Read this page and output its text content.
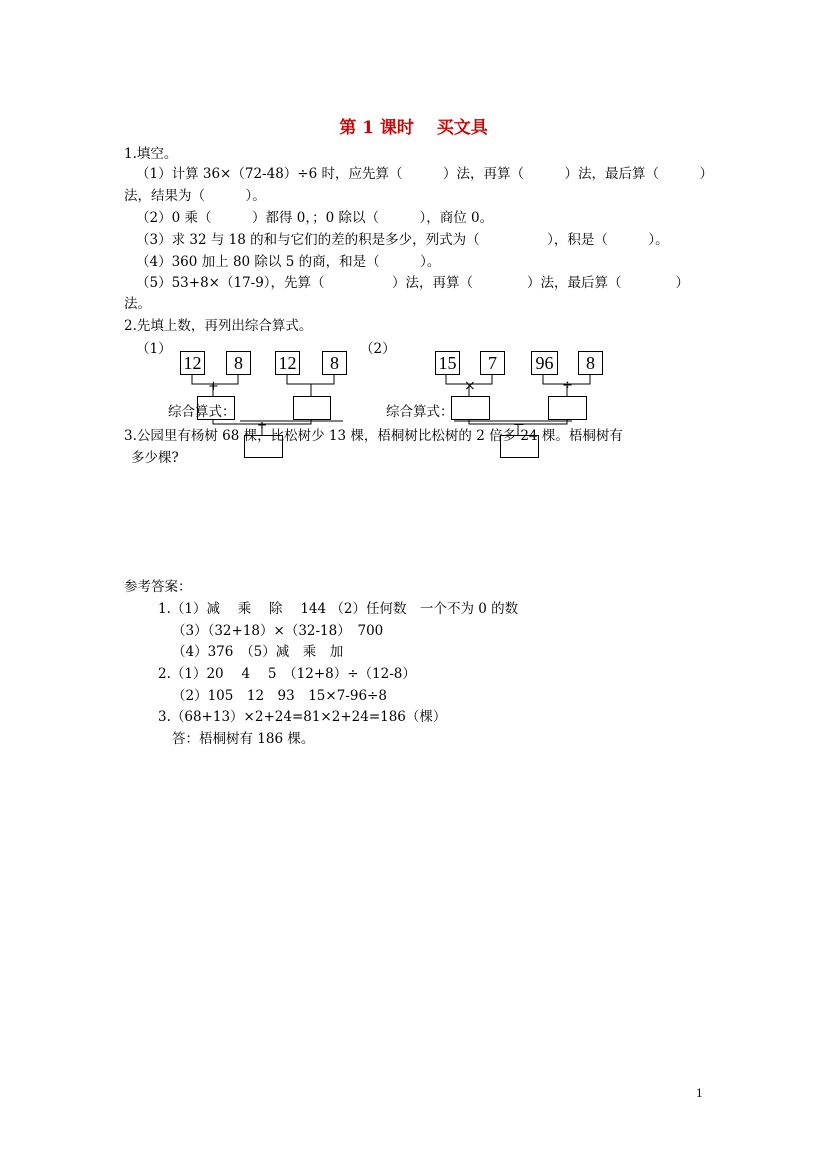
第 1 课时　 买文具
1.填空。
（1）计算 36×（72-48）÷6 时，应先算（　　　）法，再算（　　　）法，最后算（　　　）
法，结果为（　　　）。
（2）0 乘（　　　）都得 0，；0 除以（　　　），商位 0。
（3）求 32 与 18 的和与它们的差的积是多少，列式为（　　　　　），积是（　　　）。
（4）360 加上 80 除以 5 的商，和是（　　　）。
（5）53+8×（17-9），先算（　　　　　）法，再算（　　　　）法，最后算（　　　　）
法。
2.先填上数，再列出综合算式。
（1）	（2）
12	8	12	8
+	－
÷
15	7	96	8
×	÷
－
综合算式：	综合算式：
3.公园里有杨树 68 棵，比松树少 13 棵，梧桐树比松树的 2 倍多 24 棵。梧桐树有
多少棵?
参考答案：
1.（1）减　 乘　 除　 144 （2）任何数　一个不为 0 的数
（3）（32+18）×（32-18）　700
（4）376　（5）减　乘　加
2.（1）20　 4　 5　（12+8）÷（12-8）
（2）105　12　93　15×7-96÷8
3.（68+13）×2+24=81×2+24=186（棵）
答：梧桐树有 186 棵。
1
